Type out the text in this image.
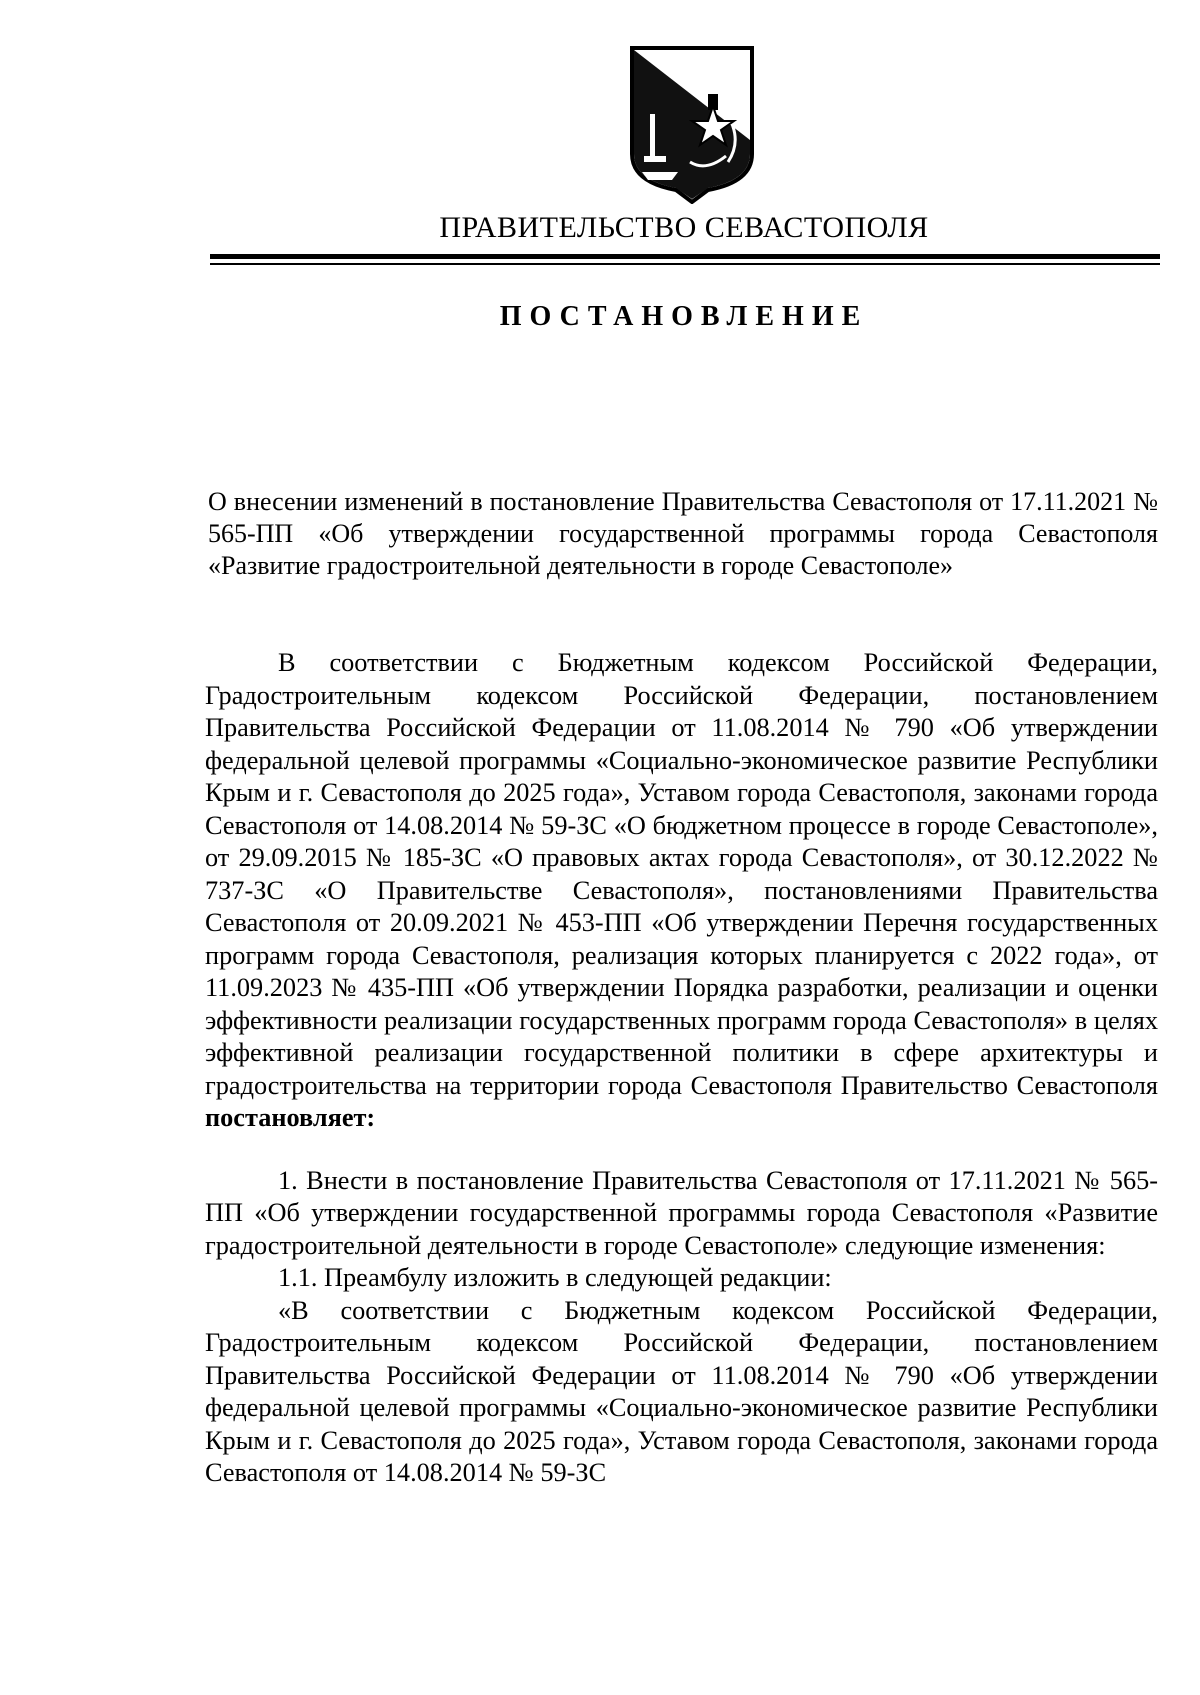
ПРАВИТЕЛЬСТВО СЕВАСТОПОЛЯ
ПОСТАНОВЛЕНИЕ
О внесении изменений в постановление Правительства Севастополя от 17.11.2021 № 565-ПП «Об утверждении государственной программы города Севастополя «Развитие градостроительной деятельности в городе Севастополе»

В соответствии с Бюджетным кодексом Российской Федерации, Градостроительным кодексом Российской Федерации, постановлением Правительства Российской Федерации от 11.08.2014 № 790 «Об утверждении федеральной целевой программы «Социально-экономическое развитие Республики Крым и г. Севастополя до 2025 года», Уставом города Севастополя, законами города Севастополя от 14.08.2014 № 59-ЗС «О бюджетном процессе в городе Севастополе», от 29.09.2015 № 185-ЗС «О правовых актах города Севастополя», от 30.12.2022 № 737-ЗС «О Правительстве Севастополя», постановлениями Правительства Севастополя от 20.09.2021 № 453-ПП «Об утверждении Перечня государственных программ города Севастополя, реализация которых планируется с 2022 года», от 11.09.2023 № 435-ПП «Об утверждении Порядка разработки, реализации и оценки эффективности реализации государственных программ города Севастополя» в целях эффективной реализации государственной политики в сфере архитектуры и градостроительства на территории города Севастополя Правительство Севастополя постановляет:

1. Внести в постановление Правительства Севастополя от 17.11.2021 № 565-ПП «Об утверждении государственной программы города Севастополя «Развитие градостроительной деятельности в городе Севастополе» следующие изменения:

1.1. Преамбулу изложить в следующей редакции:

«В соответствии с Бюджетным кодексом Российской Федерации, Градостроительным кодексом Российской Федерации, постановлением Правительства Российской Федерации от 11.08.2014 № 790 «Об утверждении федеральной целевой программы «Социально-экономическое развитие Республики Крым и г. Севастополя до 2025 года», Уставом города Севастополя, законами города Севастополя от 14.08.2014 № 59-ЗС
